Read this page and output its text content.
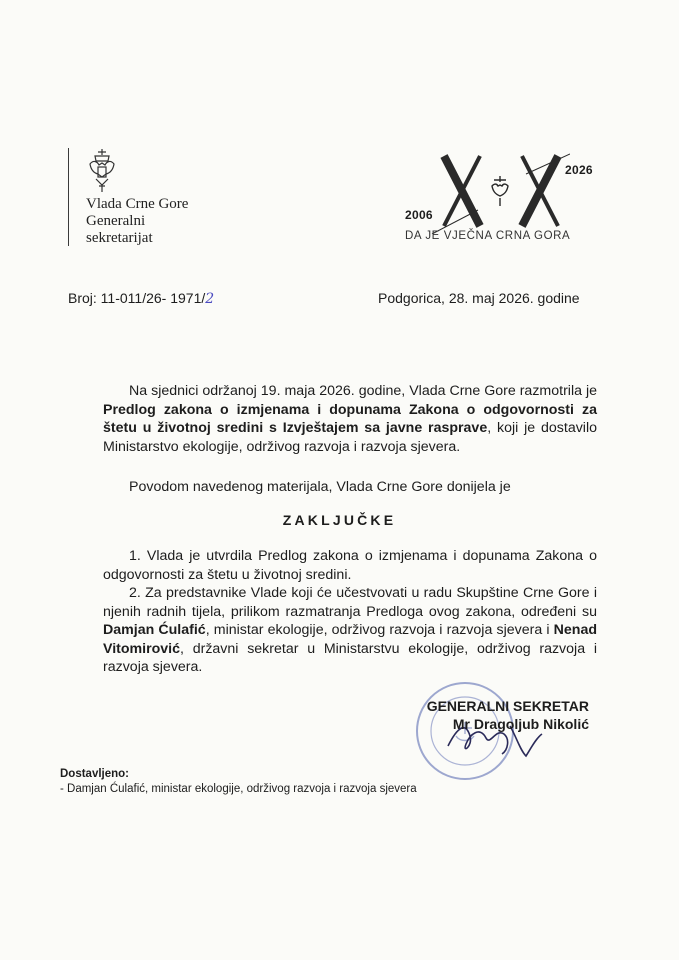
Vlada Crne Gore
Generalni
sekretarijat
2006
2026
DA JE VJEČNA CRNA GORA
Broj: 11-011/26- 1971/2	Podgorica, 28. maj 2026. godine

Na sjednici održanoj 19. maja 2026. godine, Vlada Crne Gore razmotrila je Predlog zakona o izmjenama i dopunama Zakona o odgovornosti za štetu u životnoj sredini s Izvještajem sa javne rasprave, koji je dostavilo Ministarstvo ekologije, održivog razvoja i razvoja sjevera.

Povodom navedenog materijala, Vlada Crne Gore donijela je

ZAKLJUČKE

1. Vlada je utvrdila Predlog zakona o izmjenama i dopunama Zakona o odgovornosti za štetu u životnoj sredini.

2. Za predstavnike Vlade koji će učestvovati u radu Skupštine Crne Gore i njenih radnih tijela, prilikom razmatranja Predloga ovog zakona, određeni su Damjan Ćulafić, ministar ekologije, održivog razvoja i razvoja sjevera i Nenad Vitomirović, državni sekretar u Ministarstvu ekologije, održivog razvoja i razvoja sjevera.

GENERALNI SEKRETAR
Mr Dragoljub Nikolić
Dostavljeno:
- Damjan Ćulafić, ministar ekologije, održivog razvoja i razvoja sjevera
